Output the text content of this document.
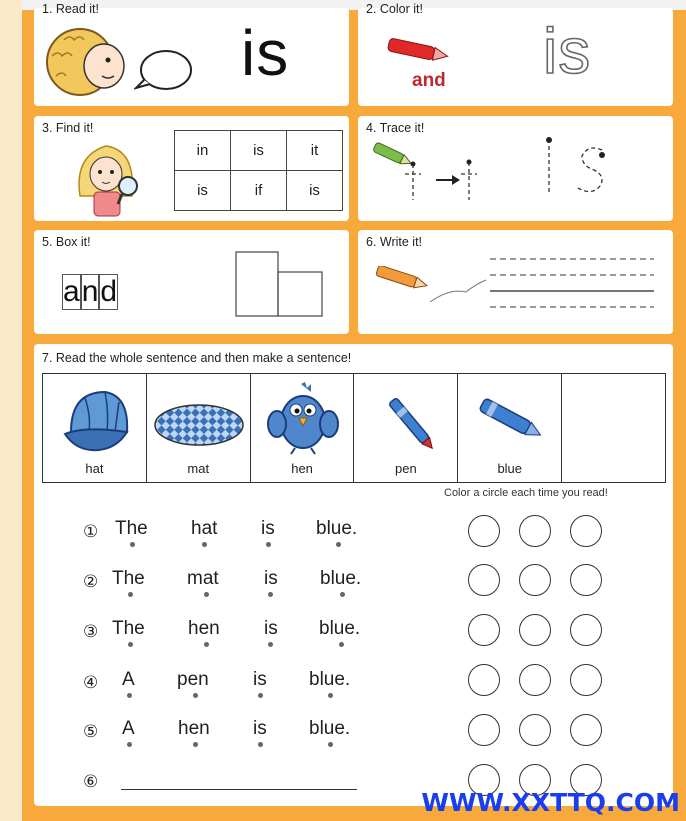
1. Read it!
is
2. Color it!
and is
3. Find it!
in	is	it
is	if	is
4. Trace it!
5. Box it!
and
6. Write it!
7. Read the whole sentence and then make a sentence!
hat	mat	hen	pen	blue
Color a circle each time you read!
① The hat is blue.
② The mat is blue.
③ The hen is blue.
④ A pen is blue.
⑤ A hen is blue.
⑥
WWW.XXTTQ.COM
